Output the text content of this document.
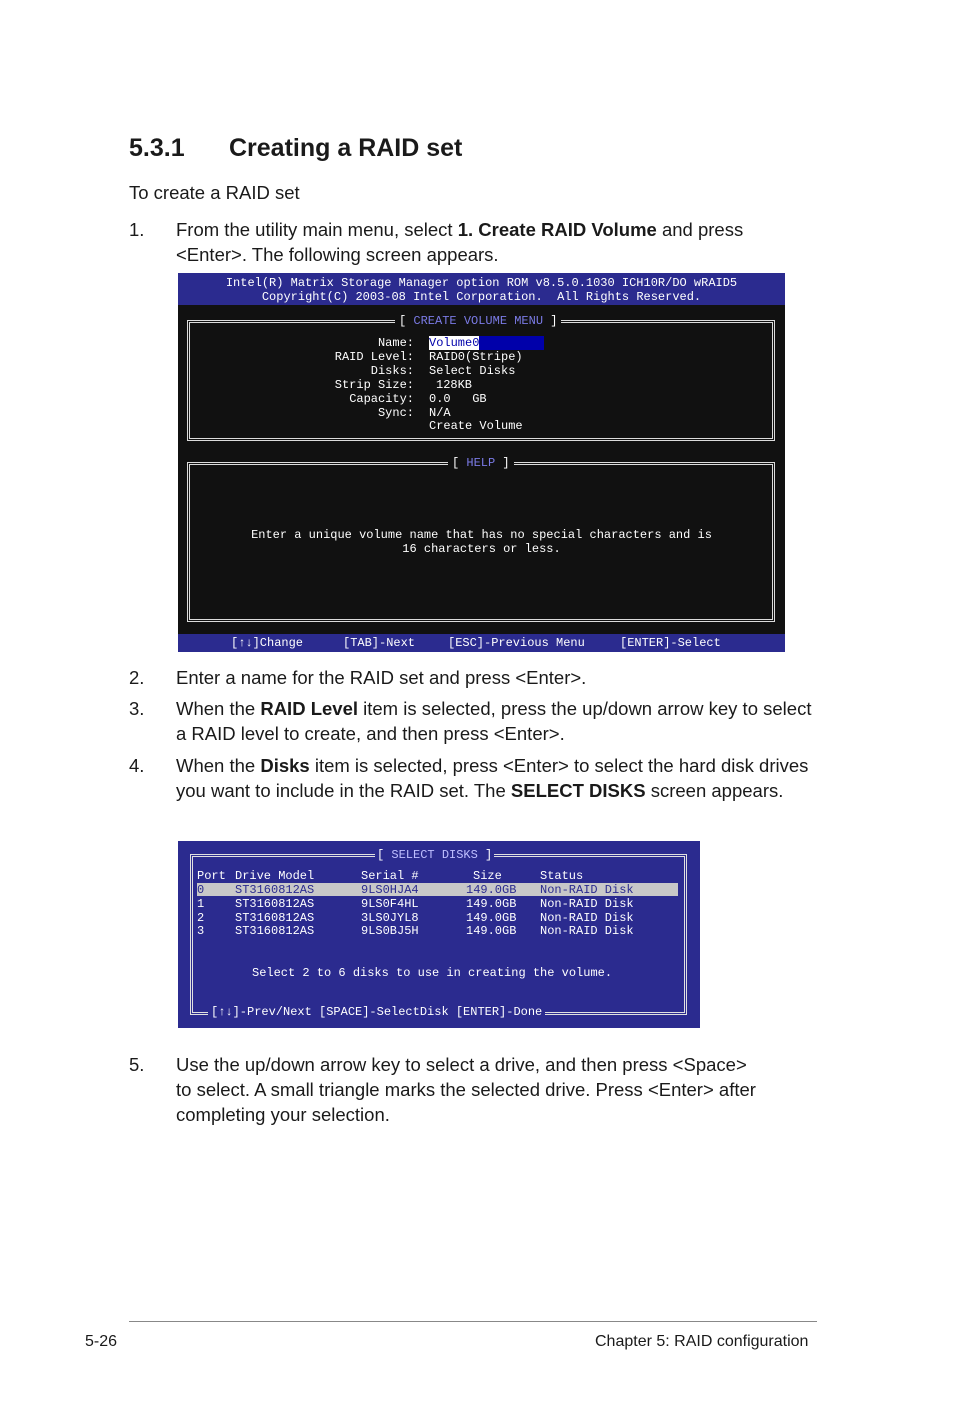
5.3.1 Creating a RAID set
To create a RAID set
1. From the utility main menu, select 1. Create RAID Volume and press
<Enter>. The following screen appears.
Intel(R) Matrix Storage Manager option ROM v8.5.0.1030 ICH10R/DO wRAID5
Copyright(C) 2003-08 Intel Corporation.  All Rights Reserved.
[ CREATE VOLUME MENU ]
Name: Volume0
RAID Level: RAID0(Stripe)
Disks: Select Disks
Strip Size: 128KB
Capacity: 0.0   GB
Sync: N/A
Create Volume
[ HELP ]
Enter a unique volume name that has no special characters and is
16 characters or less.
[↑↓]Change	[TAB]-Next	[ESC]-Previous Menu	[ENTER]-Select
2. Enter a name for the RAID set and press <Enter>.
3. When the RAID Level item is selected, press the up/down arrow key to select
a RAID level to create, and then press <Enter>.
4. When the Disks item is selected, press <Enter> to select the hard disk drives
you want to include in the RAID set. The SELECT DISKS screen appears.
[ SELECT DISKS ]
Port Drive Model	Serial #	Size	Status
0	ST3160812AS	9LS0HJA4	149.0GB Non-RAID Disk
1	ST3160812AS	9LS0F4HL	149.0GB Non-RAID Disk
2	ST3160812AS	3LS0JYL8	149.0GB Non-RAID Disk
3	ST3160812AS	9LS0BJ5H	149.0GB Non-RAID Disk
Select 2 to 6 disks to use in creating the volume.
[↑↓]-Prev/Next [SPACE]-SelectDisk [ENTER]-Done
5. Use the up/down arrow key to select a drive, and then press <Space>
to select. A small triangle marks the selected drive. Press <Enter> after
completing your selection.
5-26	Chapter 5: RAID configuration
